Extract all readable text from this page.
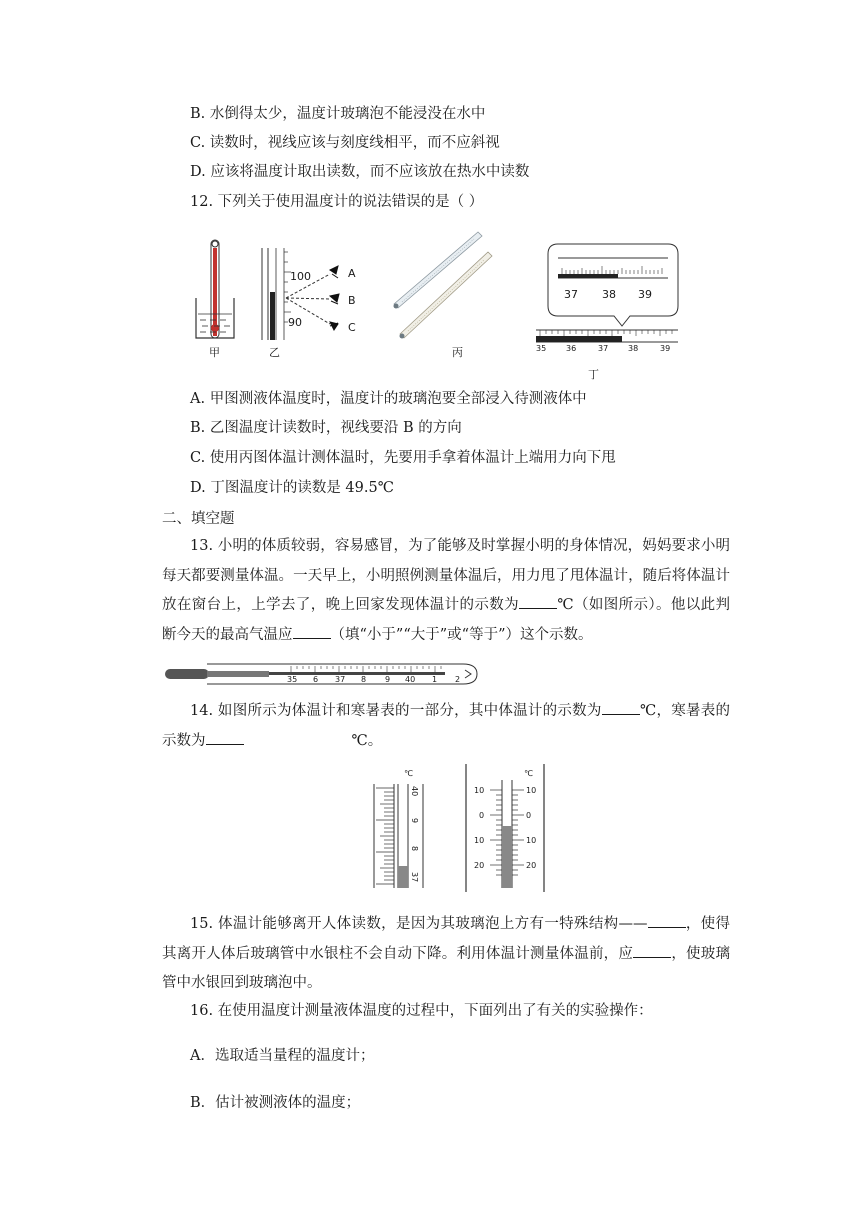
B. 水倒得太少，温度计玻璃泡不能浸没在水中
C. 读数时，视线应该与刻度线相平，而不应斜视
D. 应该将温度计取出读数，而不应该放在热水中读数
12. 下列关于使用温度计的说法错误的是（ ）
甲
100
90
A
B
C
乙	丙
37 38 39
35 36	37 38	39
丁
A. 甲图测液体温度时，温度计的玻璃泡要全部浸入待测液体中
B. 乙图温度计读数时，视线要沿 B 的方向
C. 使用丙图体温计测体温时，先要用手拿着体温计上端用力向下甩
D. 丁图温度计的读数是 49.5℃
二、填空题
13. 小明的体质较弱，容易感冒，为了能够及时掌握小明的身体情况，妈妈要求小明每天都要测量体温。一天早上，小明照例测量体温后，用力甩了甩体温计，随后将体温计放在窗台上，上学去了，晚上回家发现体温计的示数为	℃（如图所示）。他以此判断今天的最高气温应	（填“小于”“大于”或“等于”）这个示数。
35 6 37 8 9 40 1 2
14. 如图所示为体温计和寒暑表的一部分，其中体温计的示数为	℃，寒暑表的示数为	℃。
℃
40
9
8
37
℃
10
0
10
20
10
0
10
20
15. 体温计能够离开人体读数，是因为其玻璃泡上方有一特殊结构——	，使得其离开人体后玻璃管中水银柱不会自动下降。利用体温计测量体温前，应	，使玻璃管中水银回到玻璃泡中。
16. 在使用温度计测量液体温度的过程中，下面列出了有关的实验操作：
A．选取适当量程的温度计；
B．估计被测液体的温度；
